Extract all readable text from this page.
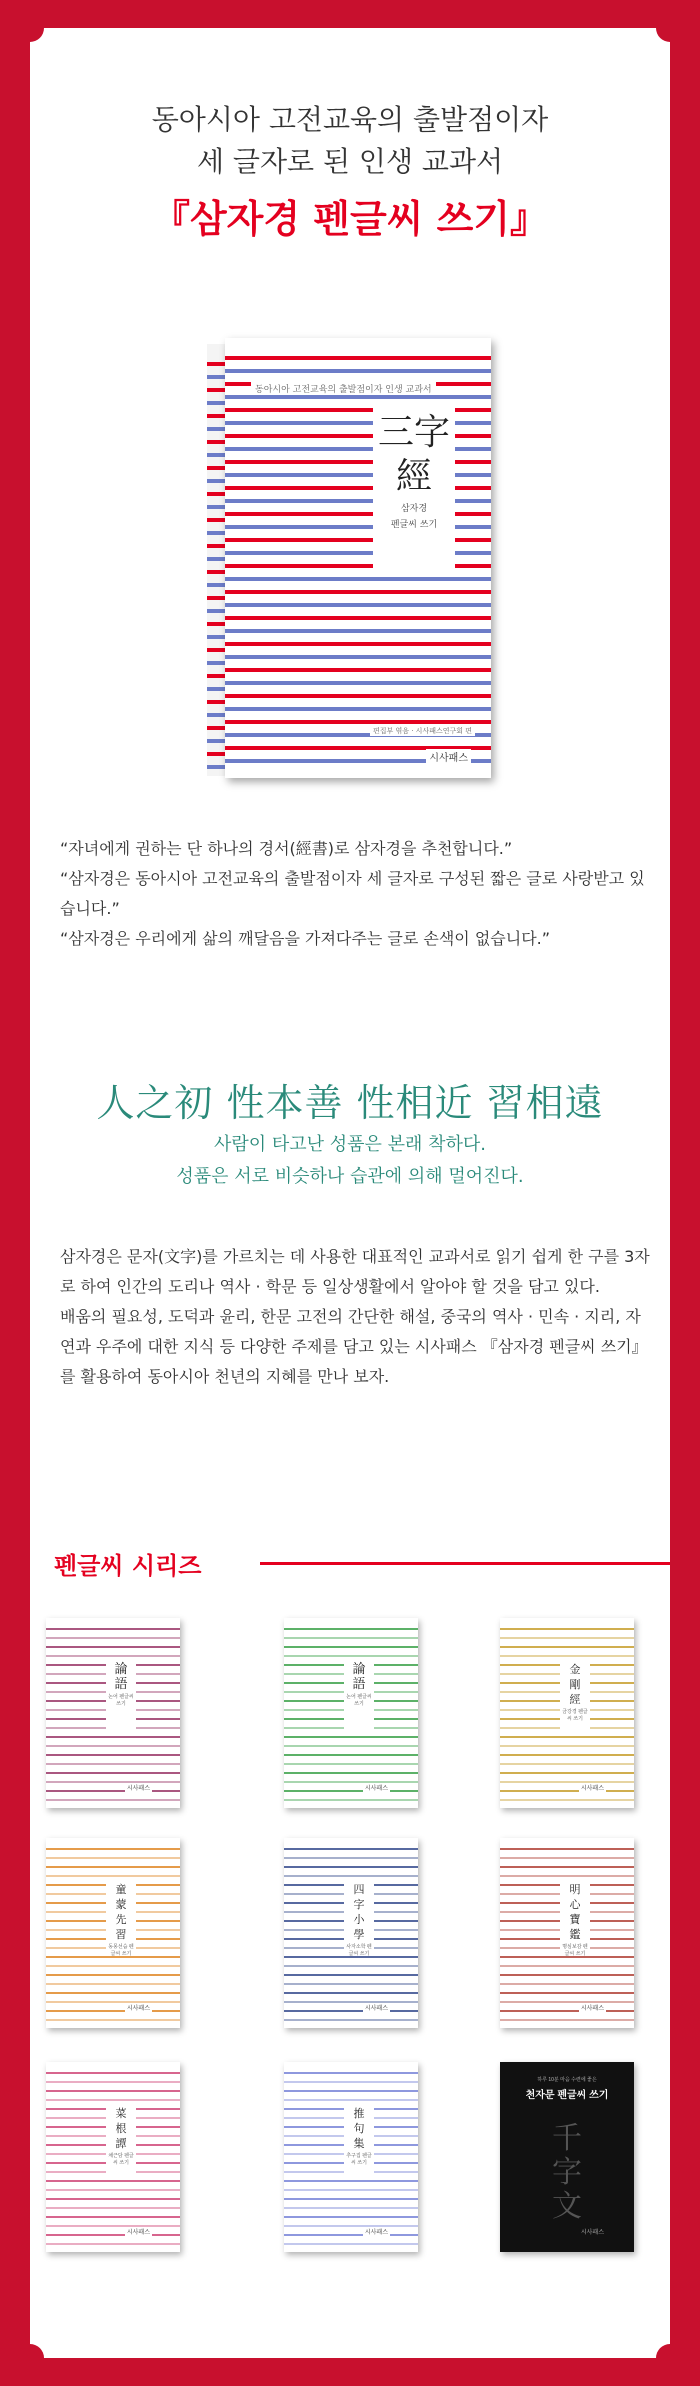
동아시아 고전교육의 출발점이자
세 글자로 된 인생 교과서
『삼자경 펜글씨 쓰기』
동아시아 고전교육의 출발점이자 인생 교과서
三字經
삼자경
펜글씨 쓰기
편집부 엮음 · 시사패스연구회 편
시사패스

“자녀에게 권하는 단 하나의 경서(經書)로 삼자경을 추천합니다.”

“삼자경은 동아시아 고전교육의 출발점이자 세 글자로 구성된 짧은 글로 사랑받고 있습니다.”

“삼자경은 우리에게 삶의 깨달음을 가져다주는 글로 손색이 없습니다.”

人之初 性本善 性相近 習相遠
사람이 타고난 성품은 본래 착하다.
성품은 서로 비슷하나 습관에 의해 멀어진다.

삼자경은 문자(文字)를 가르치는 데 사용한 대표적인 교과서로 읽기 쉽게 한 구를 3자로 하여 인간의 도리나 역사 · 학문 등 일상생활에서 알아야 할 것을 담고 있다.

배움의 필요성, 도덕과 윤리, 한문 고전의 간단한 해설, 중국의 역사 · 민속 · 지리, 자연과 우주에 대한 지식 등 다양한 주제를 담고 있는 시사패스 『삼자경 펜글씨 쓰기』를 활용하여 동아시아 천년의 지혜를 만나 보자.

펜글씨 시리즈
論
語
논어 펜글씨 쓰기
시사패스
論
語
논어 펜글씨 쓰기
시사패스
金
剛
經
금강경 펜글씨 쓰기
시사패스
童
蒙
先
習
동몽선습 펜글씨 쓰기
시사패스
四
字
小
學
사자소학 펜글씨 쓰기
시사패스
明
心
寶
鑑
명심보감 펜글씨 쓰기
시사패스
菜
根
譚
채근담 펜글씨 쓰기
시사패스
推
句
集
추구집 펜글씨 쓰기
시사패스
하루 10분 마음 수련에 좋은
천자문 펜글씨 쓰기
千
字
文
시사패스
